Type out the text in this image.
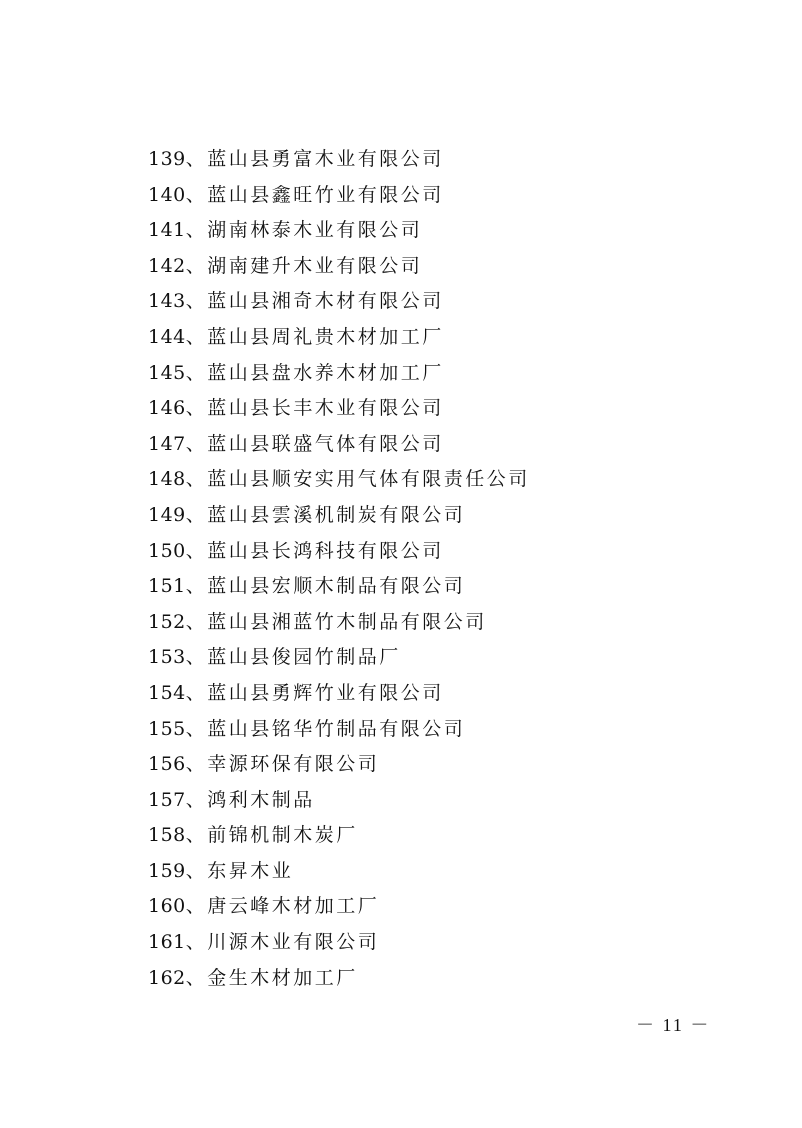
139、蓝山县勇富木业有限公司
140、蓝山县鑫旺竹业有限公司
141、湖南林泰木业有限公司
142、湖南建升木业有限公司
143、蓝山县湘奇木材有限公司
144、蓝山县周礼贵木材加工厂
145、蓝山县盘水养木材加工厂
146、蓝山县长丰木业有限公司
147、蓝山县联盛气体有限公司
148、蓝山县顺安实用气体有限责任公司
149、蓝山县雲溪机制炭有限公司
150、蓝山县长鸿科技有限公司
151、蓝山县宏顺木制品有限公司
152、蓝山县湘蓝竹木制品有限公司
153、蓝山县俊园竹制品厂
154、蓝山县勇辉竹业有限公司
155、蓝山县铭华竹制品有限公司
156、幸源环保有限公司
157、鸿利木制品
158、前锦机制木炭厂
159、东昇木业
160、唐云峰木材加工厂
161、川源木业有限公司
162、金生木材加工厂
－ 11 －
